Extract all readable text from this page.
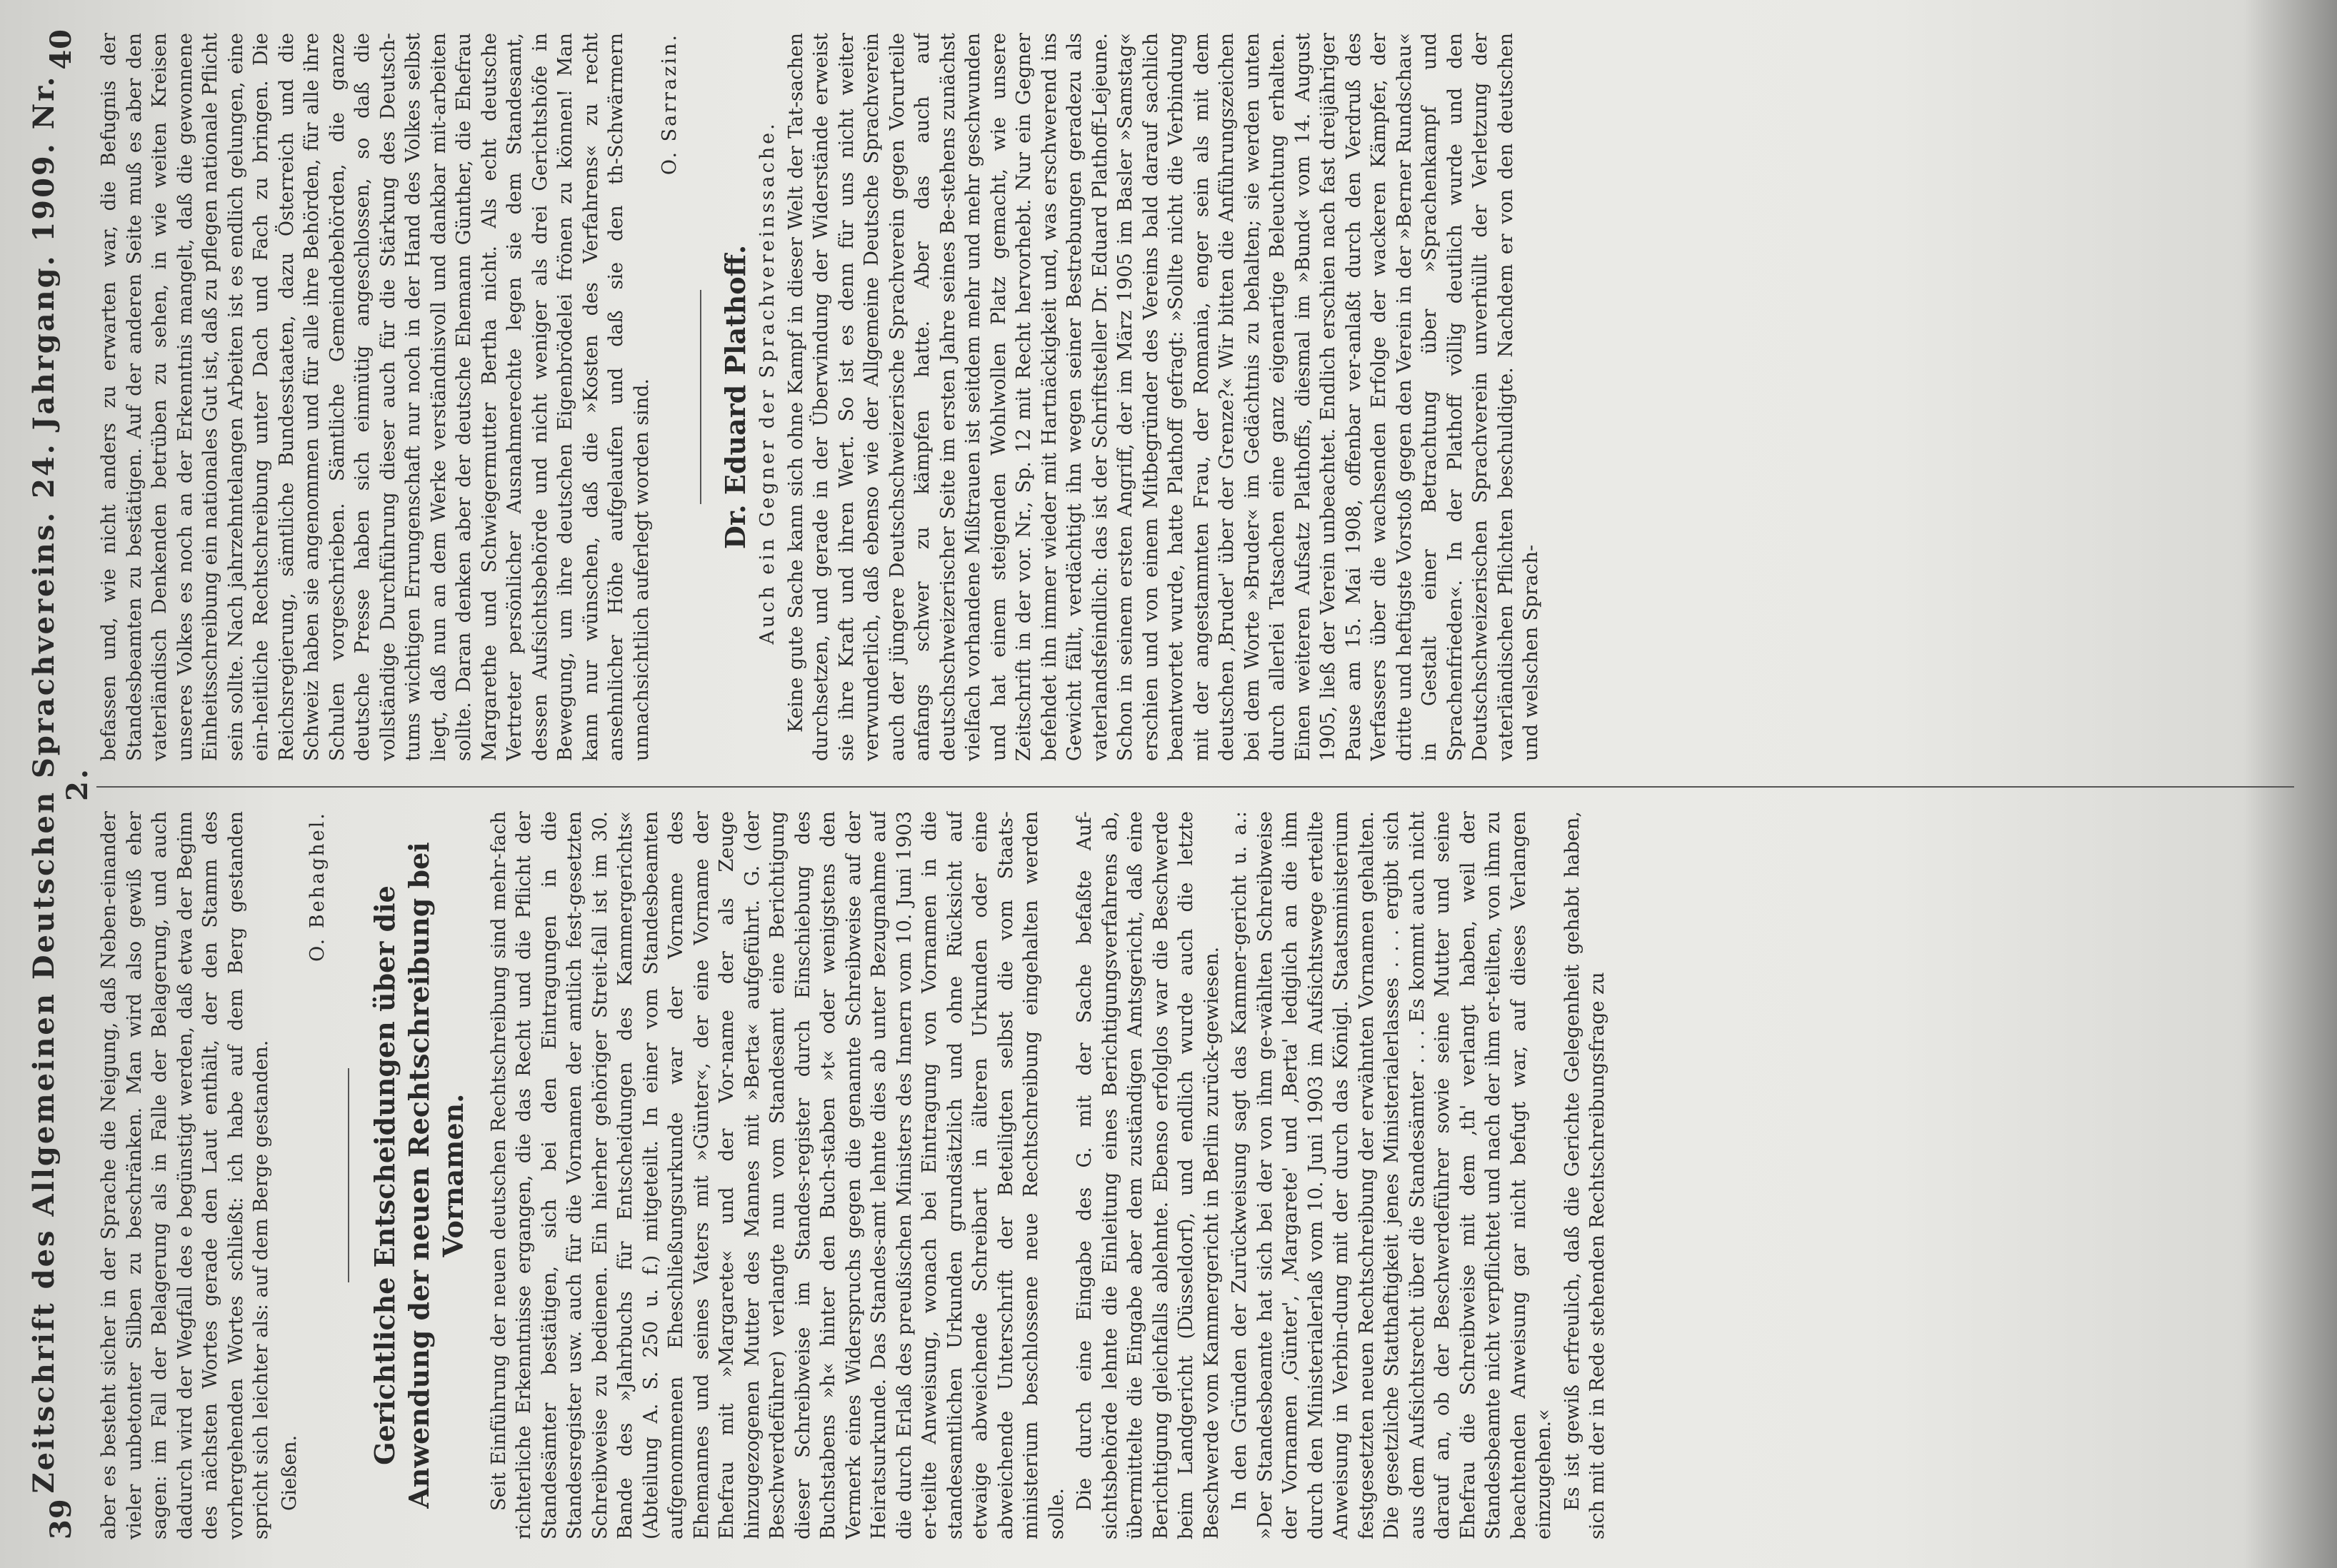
39
Zeitschrift des Allgemeinen Deutschen Sprachvereins. 24. Jahrgang. 1909. Nr. 2.
40

aber es besteht sicher in der Sprache die Neigung, daß Neben-einander vieler unbetonter Silben zu beschränken. Man wird also gewiß eher sagen: im Fall der Belagerung als in Falle der Belagerung, und auch dadurch wird der Wegfall des e begünstigt werden, daß etwa der Beginn des nächsten Wortes gerade den Laut enthält, der den Stamm des vorhergehenden Wortes schließt: ich habe auf dem Berg gestanden spricht sich leichter als: auf dem Berge gestanden. Gießen.

O. Behaghel. Gerichtliche Entscheidungen über die Anwendung der neuen Rechtschreibung bei Vornamen. Seit Einführung der neuen deutschen Rechtschreibung sind mehr-fach richterliche Erkenntnisse ergangen, die das Recht und die Pflicht der Standesämter bestätigen, sich bei den Eintragungen in die Standesregister usw. auch für die Vornamen der amtlich fest-gesetzten Schreibweise zu bedienen. Ein hierher gehöriger Streit-fall ist im 30. Bande des »Jahrbuchs für Entscheidungen des Kammergerichts« (Abteilung A. S. 250 u. f.) mitgeteilt. In einer vom Standesbeamten aufgenommenen Eheschließungsurkunde war der Vorname des Ehemannes und seines Vaters mit »Günter«, der eine Vorname der Ehefrau mit »Margarete« und der Vor-name der als Zeuge hinzugezogenen Mutter des Mannes mit »Berta« aufgeführt. G. (der Beschwerdeführer) verlangte nun vom Standesamt eine Berichtigung dieser Schreibweise im Standes-register durch Einschiebung des Buchstabens »h« hinter den Buch-staben »t« oder wenigstens den Vermerk eines Widerspruchs gegen die genannte Schreibweise auf der Heiratsurkunde. Das Standes-amt lehnte dies ab unter Bezugnahme auf die durch Erlaß des preußischen Ministers des Innern vom 10. Juni 1903 er-teilte Anweisung, wonach bei Eintragung von Vornamen in die standesamtlichen Urkunden grundsätzlich und ohne Rücksicht auf etwaige abweichende Schreibart in älteren Urkunden oder eine abweichende Unterschrift der Beteiligten selbst die vom Staats-ministerium beschlossene neue Rechtschreibung eingehalten werden solle.

Die durch eine Eingabe des G. mit der Sache befaßte Auf-sichtsbehörde lehnte die Einleitung eines Berichtigungsverfahrens ab, übermittelte die Eingabe aber dem zuständigen Amtsgericht, daß eine Berichtigung gleichfalls ablehnte. Ebenso erfolglos war die Beschwerde beim Landgericht (Düsseldorf), und endlich wurde auch die letzte Beschwerde vom Kammergericht in Berlin zurück-gewiesen. In den Gründen der Zurückweisung sagt das Kammer-gericht u. a.: »Der Standesbeamte hat sich bei der von ihm ge-wählten Schreibweise der Vornamen ,Günter', ,Margarete' und ,Berta' lediglich an die ihm durch den Ministerialerlaß vom 10. Juni 1903 im Aufsichtswege erteilte Anweisung in Verbin-dung mit der durch das Königl. Staatsministerium festgesetzten neuen Rechtschreibung der erwähnten Vornamen gehalten. Die gesetzliche Statthaftigkeit jenes Ministerialerlasses . . . ergibt sich aus dem Aufsichtsrecht über die Standesämter . . . Es kommt auch nicht darauf an, ob der Beschwerdeführer sowie seine Mutter und seine Ehefrau die Schreibweise mit dem ,th' verlangt haben, weil der Standesbeamte nicht verpflichtet und nach der ihm er-teilten, von ihm zu beachtenden Anweisung gar nicht befugt war, auf dieses Verlangen einzugehen.« Es ist gewiß erfreulich, daß die Gerichte Gelegenheit gehabt haben, sich mit der in Rede stehenden Rechtschreibungsfrage zu

befassen und, wie nicht anders zu erwarten war, die Befugnis der Standesbeamten zu bestätigen. Auf der anderen Seite muß es aber den vaterländisch Denkenden betrüben zu sehen, in wie weiten Kreisen unseres Volkes es noch an der Erkenntnis mangelt, daß die gewonnene Einheitsschreibung ein nationales Gut ist, daß zu pflegen nationale Pflicht sein sollte. Nach jahrzehntelangen Arbeiten ist es endlich gelungen, eine ein-heitliche Rechtschreibung unter Dach und Fach zu bringen. Die Reichsregierung, sämtliche Bundesstaaten, dazu Österreich und die Schweiz haben sie angenommen und für alle ihre Behörden, für alle ihre Schulen vorgeschrieben. Sämtliche Gemeindebehörden, die ganze deutsche Presse haben sich einmütig angeschlossen, so daß die vollständige Durchführung dieser auch für die Stärkung des Deutsch-tums wichtigen Errungenschaft nur noch in der Hand des Volkes selbst liegt, daß nun an dem Werke verständnisvoll und dankbar mit-arbeiten sollte. Daran denken aber der deutsche Ehemann Günther, die Ehefrau Margarethe und Schwiegermutter Bertha nicht. Als echt deutsche Vertreter persönlicher Ausnahmerechte legen sie dem Standesamt, dessen Aufsichtsbehörde und nicht weniger als drei Gerichtshöfe in Bewegung, um ihre deutschen Eigenbrödelei frönen zu können! Man kann nur wünschen, daß die »Kosten des Verfahrens« zu recht ansehnlicher Höhe aufgelaufen und daß sie den th-Schwärmern unnachsichtlich auferlegt worden sind.

O. Sarrazin.

Dr. Eduard Plathoff. Auch ein Gegner der Sprachvereinssache. Keine gute Sache kann sich ohne Kampf in dieser Welt der Tat-sachen durchsetzen, und gerade in der Überwindung der Widerstände erweist sie ihre Kraft und ihren Wert. So ist es denn für uns nicht weiter verwunderlich, daß ebenso wie der Allgemeine Deutsche Sprachverein auch der jüngere Deutschschweizerische Sprachverein gegen Vorurteile anfangs schwer zu kämpfen hatte. Aber das auch auf deutschschweizerischer Seite im ersten Jahre seines Be-stehens zunächst vielfach vorhandene Mißtrauen ist seitdem mehr und mehr geschwunden und hat einem steigenden Wohlwollen Platz gemacht, wie unsere Zeitschrift in der vor. Nr., Sp. 12 mit Recht hervorhebt. Nur ein Gegner befehdet ihn immer wieder mit Hartnäckigkeit und, was erschwerend ins Gewicht fällt, verdächtigt ihn wegen seiner Bestrebungen geradezu als vaterlandsfeindlich: das ist der Schriftsteller Dr. Eduard Plathoff-Lejeune. Schon in seinem ersten Angriff, der im März 1905 im Basler »Samstag« erschien und von einem Mitbegründer des Vereins bald darauf sachlich beantwortet wurde, hatte Plathoff gefragt: »Sollte nicht die Verbindung mit der angestammten Frau, der Romania, enger sein als mit dem deutschen ,Bruder' über der Grenze?« Wir bitten die Anführungszeichen bei dem Worte »Bruder« im Gedächtnis zu behalten; sie werden unten durch allerlei Tatsachen eine ganz eigenartige Beleuchtung erhalten. Einen weiteren Aufsatz Plathoffs, diesmal im »Bund« vom 14. August 1905, ließ der Verein unbeachtet. Endlich erschien nach fast dreijähriger Pause am 15. Mai 1908, offenbar ver-anlaßt durch den Verdruß des Verfassers über die wachsenden Erfolge der wackeren Kämpfer, der dritte und heftigste Vorstoß gegen den Verein in der »Berner Rundschau« in Gestalt einer Betrachtung über »Sprachenkampf und Sprachenfrieden«. In der Plathoff völlig deutlich wurde und den Deutschschweizerischen Sprachverein unverhüllt der Verletzung der vaterländischen Pflichten beschuldigte. Nachdem er von den deutschen und welschen Sprach-
